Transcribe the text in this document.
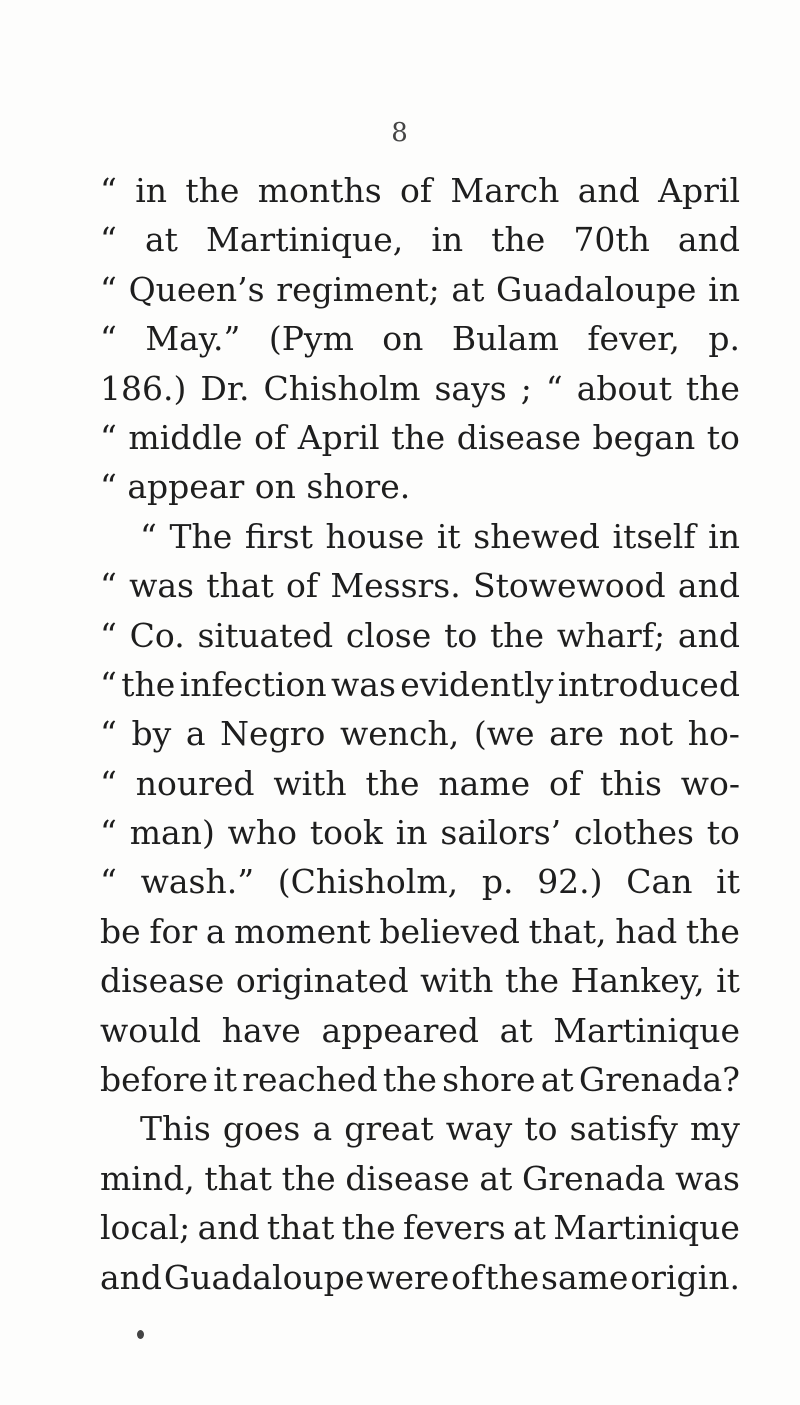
8
“ in the months of March and April
“ at Martinique, in the 70th and
“ Queen’s regiment; at Guadaloupe in
“ May.” (Pym on Bulam fever, p.
186.) Dr. Chisholm says ; “ about the
“ middle of April the disease began to
“ appear on shore.
“ The first house it shewed itself in
“ was that of Messrs. Stowewood and
“ Co. situated close to the wharf; and
“ the infection was evidently introduced
“ by a Negro wench, (we are not ho-
“ noured with the name of this wo-
“ man) who took in sailors’ clothes to
“ wash.” (Chisholm, p. 92.) Can it
be for a moment believed that, had the
disease originated with the Hankey, it
would have appeared at Martinique
before it reached the shore at Grenada?
This goes a great way to satisfy my
mind, that the disease at Grenada was
local; and that the fevers at Martinique
and Guadaloupe were of the same origin.
